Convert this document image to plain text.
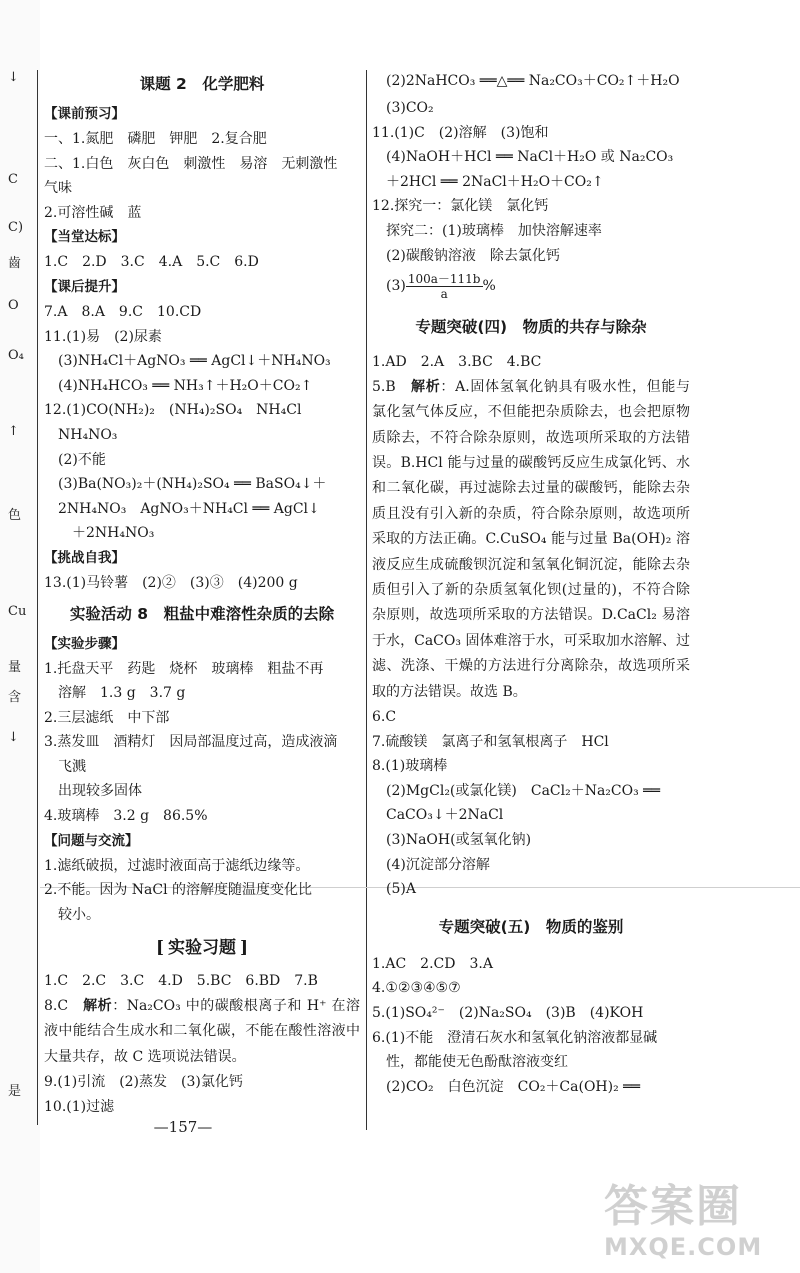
↓
C
C)
齒
O
O₄
↑
色
Cu
量
含
↓
是
课题 2　化学肥料
【课前预习】
一、1.氮肥　磷肥　钾肥　2.复合肥
二、1.白色　灰白色　刺激性　易溶　无刺激性
气味
2.可溶性碱　蓝
【当堂达标】
1.C　2.D　3.C　4.A　5.C　6.D
【课后提升】
7.A　8.A　9.C　10.CD
11.(1)易　(2)尿素
(3)NH₄Cl＋AgNO₃ ══ AgCl↓＋NH₄NO₃
(4)NH₄HCO₃ ══ NH₃↑＋H₂O＋CO₂↑
12.(1)CO(NH₂)₂　(NH₄)₂SO₄　NH₄Cl
NH₄NO₃
(2)不能
(3)Ba(NO₃)₂＋(NH₄)₂SO₄ ══ BaSO₄↓＋
2NH₄NO₃　AgNO₃＋NH₄Cl ══ AgCl↓
＋2NH₄NO₃
【挑战自我】
13.(1)马铃薯　(2)②　(3)③　(4)200 g
实验活动 8　粗盐中难溶性杂质的去除
【实验步骤】
1.托盘天平　药匙　烧杯　玻璃棒　粗盐不再
溶解　1.3 g　3.7 g
2.三层滤纸　中下部
3.蒸发皿　酒精灯　因局部温度过高，造成液滴
飞溅
出现较多固体
4.玻璃棒　3.2 g　86.5%
【问题与交流】
1.滤纸破损，过滤时液面高于滤纸边缘等。
2.不能。因为 NaCl 的溶解度随温度变化比
较小。
[ 实验习题 ]
1.C　2.C　3.C　4.D　5.BC　6.BD　7.B
8.C　解析：Na₂CO₃ 中的碳酸根离子和 H⁺ 在溶液中能结合生成水和二氧化碳，不能在酸性溶液中大量共存，故 C 选项说法错误。
9.(1)引流　(2)蒸发　(3)氯化钙
10.(1)过滤
(2)2NaHCO₃ ══△══ Na₂CO₃＋CO₂↑＋H₂O
(3)CO₂
11.(1)C　(2)溶解　(3)饱和
(4)NaOH＋HCl ══ NaCl＋H₂O 或 Na₂CO₃
＋2HCl ══ 2NaCl＋H₂O＋CO₂↑
12.探究一：氯化镁　氯化钙
探究二：(1)玻璃棒　加快溶解速率
(2)碳酸钠溶液　除去氯化钙
$(3) \frac{100a-111b}{a}$ %
专题突破(四)　物质的共存与除杂
1.AD　2.A　3.BC　4.BC
5.B　解析：A.固体氢氧化钠具有吸水性，但能与氯化氢气体反应，不但能把杂质除去，也会把原物质除去，不符合除杂原则，故选项所采取的方法错误。B.HCl 能与过量的碳酸钙反应生成氯化钙、水和二氧化碳，再过滤除去过量的碳酸钙，能除去杂质且没有引入新的杂质，符合除杂原则，故选项所采取的方法正确。C.CuSO₄ 能与过量 Ba(OH)₂ 溶液反应生成硫酸钡沉淀和氢氧化铜沉淀，能除去杂质但引入了新的杂质氢氧化钡(过量的)，不符合除杂原则，故选项所采取的方法错误。D.CaCl₂ 易溶于水，CaCO₃ 固体难溶于水，可采取加水溶解、过滤、洗涤、干燥的方法进行分离除杂，故选项所采取的方法错误。故选 B。
6.C
7.硫酸镁　氯离子和氢氧根离子　HCl
8.(1)玻璃棒
(2)MgCl₂(或氯化镁)　CaCl₂＋Na₂CO₃ ══
CaCO₃↓＋2NaCl
(3)NaOH(或氢氧化钠)
(4)沉淀部分溶解
(5)A
专题突破(五)　物质的鉴别
1.AC　2.CD　3.A
4.①②③④⑤⑦
5.(1)SO₄²⁻　(2)Na₂SO₄　(3)B　(4)KOH
6.(1)不能　澄清石灰水和氢氧化钠溶液都显碱
性，都能使无色酚酞溶液变红
(2)CO₂　白色沉淀　CO₂＋Ca(OH)₂ ══
—157—
答案圈
MXQE.COM
